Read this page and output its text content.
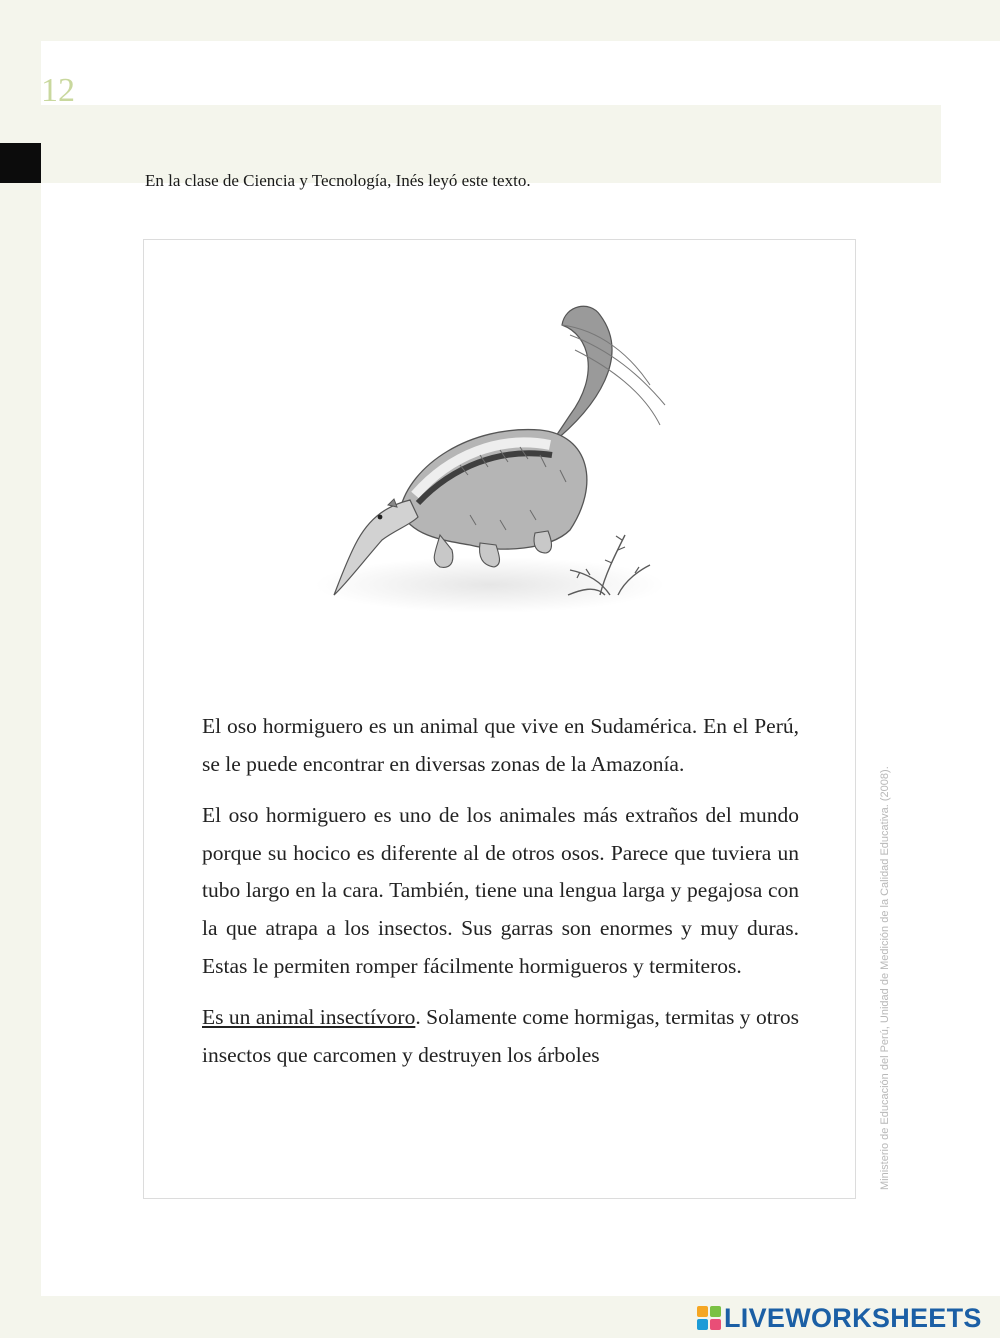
12
En la clase de Ciencia y Tecnología, Inés leyó este texto.

El oso hormiguero es un animal que vive en Sudamérica. En el Perú, se le puede encontrar en diversas zonas de la Amazonía.

El oso hormiguero es uno de los animales más extraños del mundo porque su hocico es diferente al de otros osos. Parece que tuviera un tubo largo en la cara. También, tiene una lengua larga y pegajosa con la que atrapa a los insectos. Sus garras son enormes y muy duras. Estas le permiten romper fácilmente hormigueros y termiteros.

Es un animal insectívoro. Solamente come hormigas, termitas y otros insectos que carcomen y destruyen los árboles	Ministerio de Educación del Perú, Unidad de Medición de la Calidad Educativa. (2008).
LIVEWORKSHEETS
